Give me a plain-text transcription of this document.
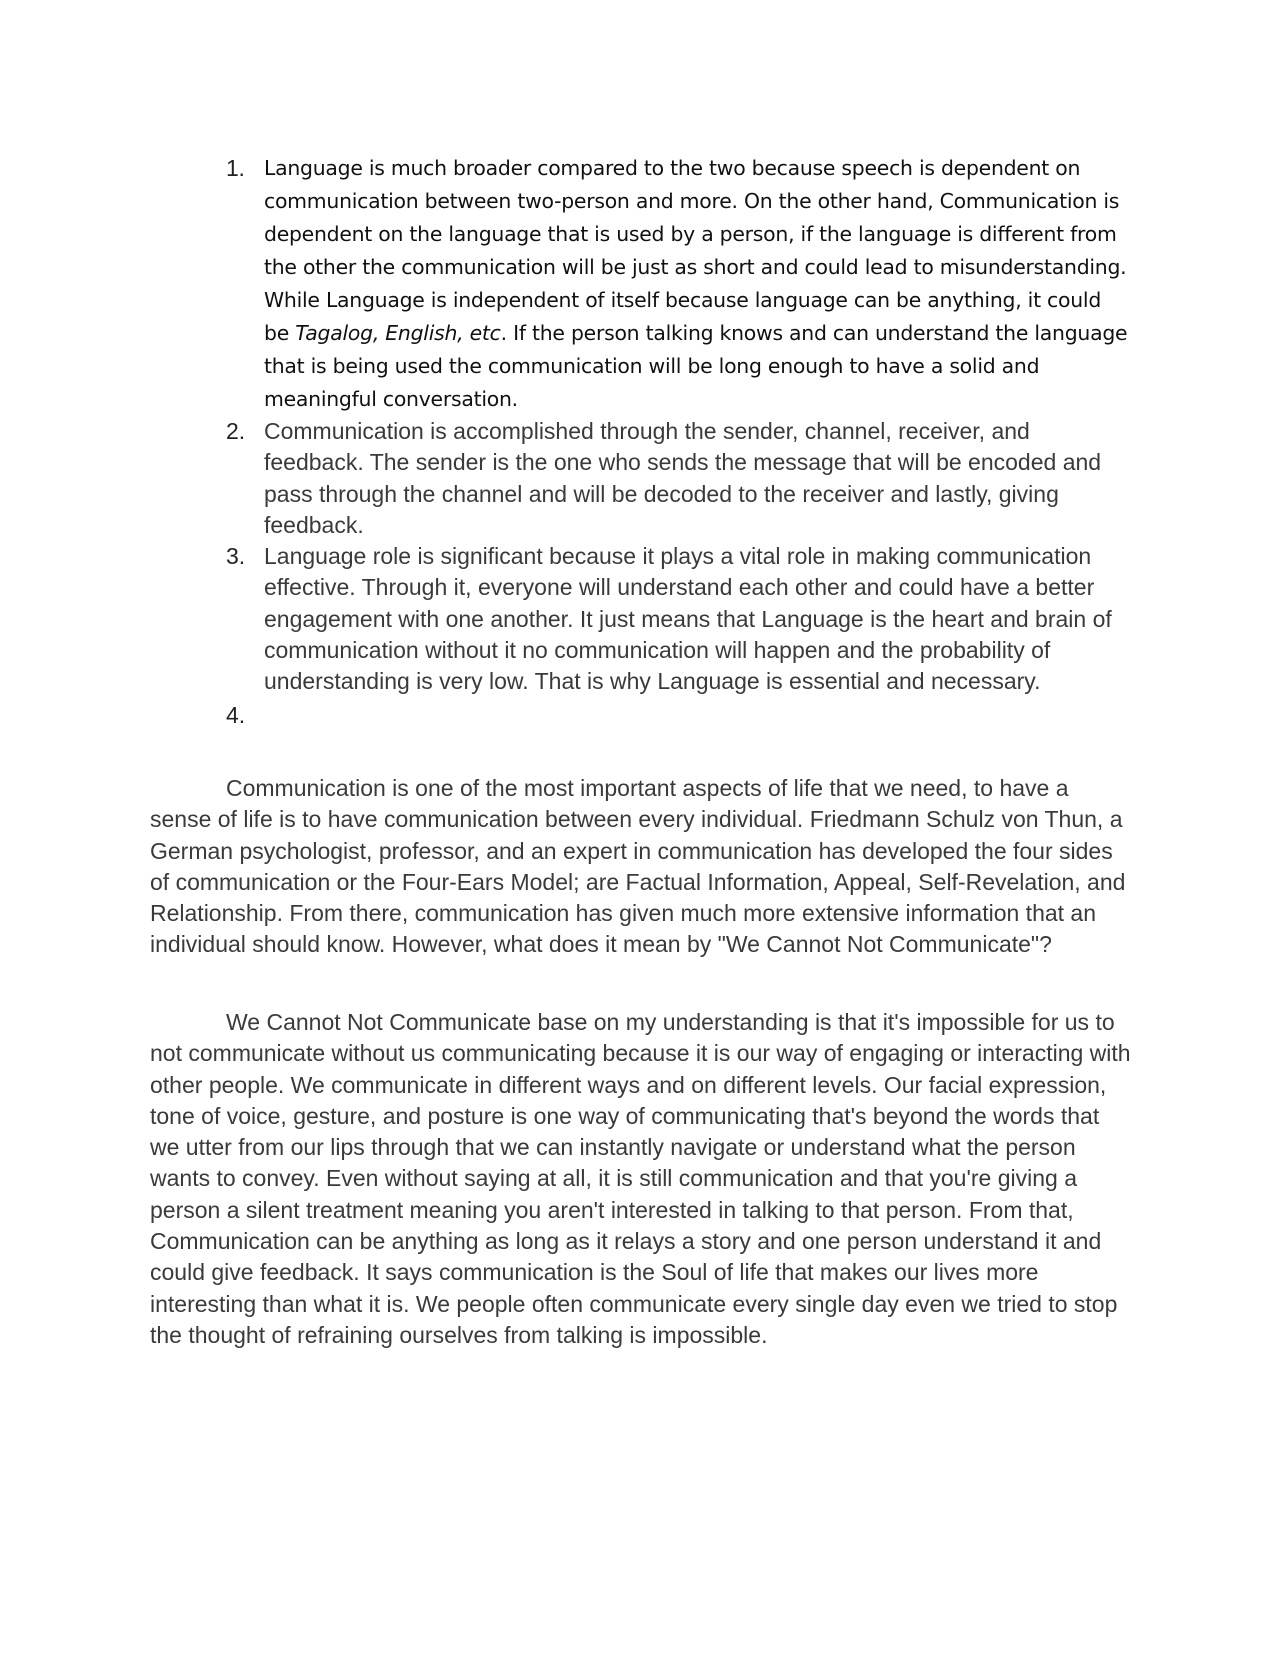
1. Language is much broader compared to the two because speech is dependent on communication between two-person and more. On the other hand, Communication is dependent on the language that is used by a person, if the language is different from the other the communication will be just as short and could lead to misunderstanding. While Language is independent of itself because language can be anything, it could be Tagalog, English, etc. If the person talking knows and can understand the language that is being used the communication will be long enough to have a solid and meaningful conversation.
2. Communication is accomplished through the sender, channel, receiver, and feedback. The sender is the one who sends the message that will be encoded and pass through the channel and will be decoded to the receiver and lastly, giving feedback.
3. Language role is significant because it plays a vital role in making communication effective. Through it, everyone will understand each other and could have a better engagement with one another. It just means that Language is the heart and brain of communication without it no communication will happen and the probability of understanding is very low. That is why Language is essential and necessary.
4.

Communication is one of the most important aspects of life that we need, to have a sense of life is to have communication between every individual. Friedmann Schulz von Thun, a German psychologist, professor, and an expert in communication has developed the four sides of communication or the Four-Ears Model; are Factual Information, Appeal, Self-Revelation, and Relationship. From there, communication has given much more extensive information that an individual should know. However, what does it mean by "We Cannot Not Communicate"?

We Cannot Not Communicate base on my understanding is that it's impossible for us to not communicate without us communicating because it is our way of engaging or interacting with other people. We communicate in different ways and on different levels. Our facial expression, tone of voice, gesture, and posture is one way of communicating that's beyond the words that we utter from our lips through that we can instantly navigate or understand what the person wants to convey. Even without saying at all, it is still communication and that you're giving a person a silent treatment meaning you aren't interested in talking to that person. From that, Communication can be anything as long as it relays a story and one person understand it and could give feedback. It says communication is the Soul of life that makes our lives more interesting than what it is. We people often communicate every single day even we tried to stop the thought of refraining ourselves from talking is impossible.
